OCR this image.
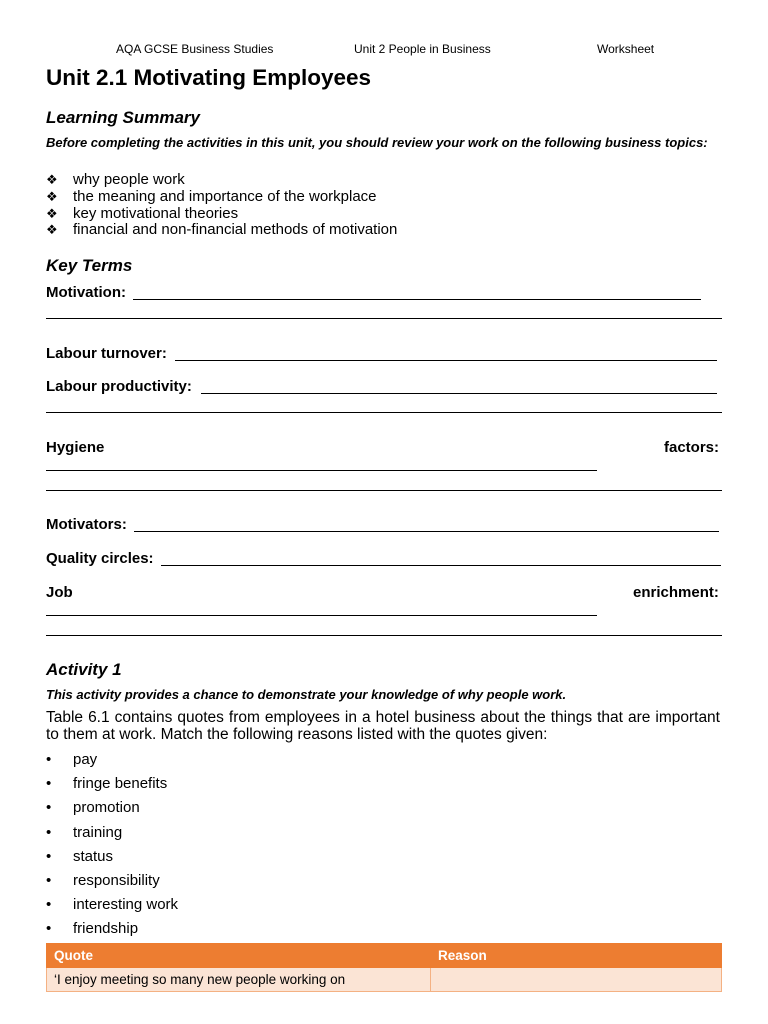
AQA GCSE Business Studies	Unit 2 People in Business	Worksheet
Unit 2.1 Motivating Employees
Learning Summary
Before completing the activities in this unit, you should review your work on the following business topics:
❖ why people work
❖ the meaning and importance of the workplace
❖ key motivational theories
❖ financial and non-financial methods of motivation
Key Terms
Motivation:
Labour turnover:
Labour productivity:
Hygiene	factors:
Motivators:
Quality circles:
Job	enrichment:
Activity 1
This activity provides a chance to demonstrate your knowledge of why people work.
Table 6.1 contains quotes from employees in a hotel business about the things that are important to them at work. Match the following reasons listed with the quotes given:
• pay
• fringe benefits
• promotion
• training
• status
• responsibility
• interesting work
• friendship
Quote	Reason
‘I enjoy meeting so many new people working on	
